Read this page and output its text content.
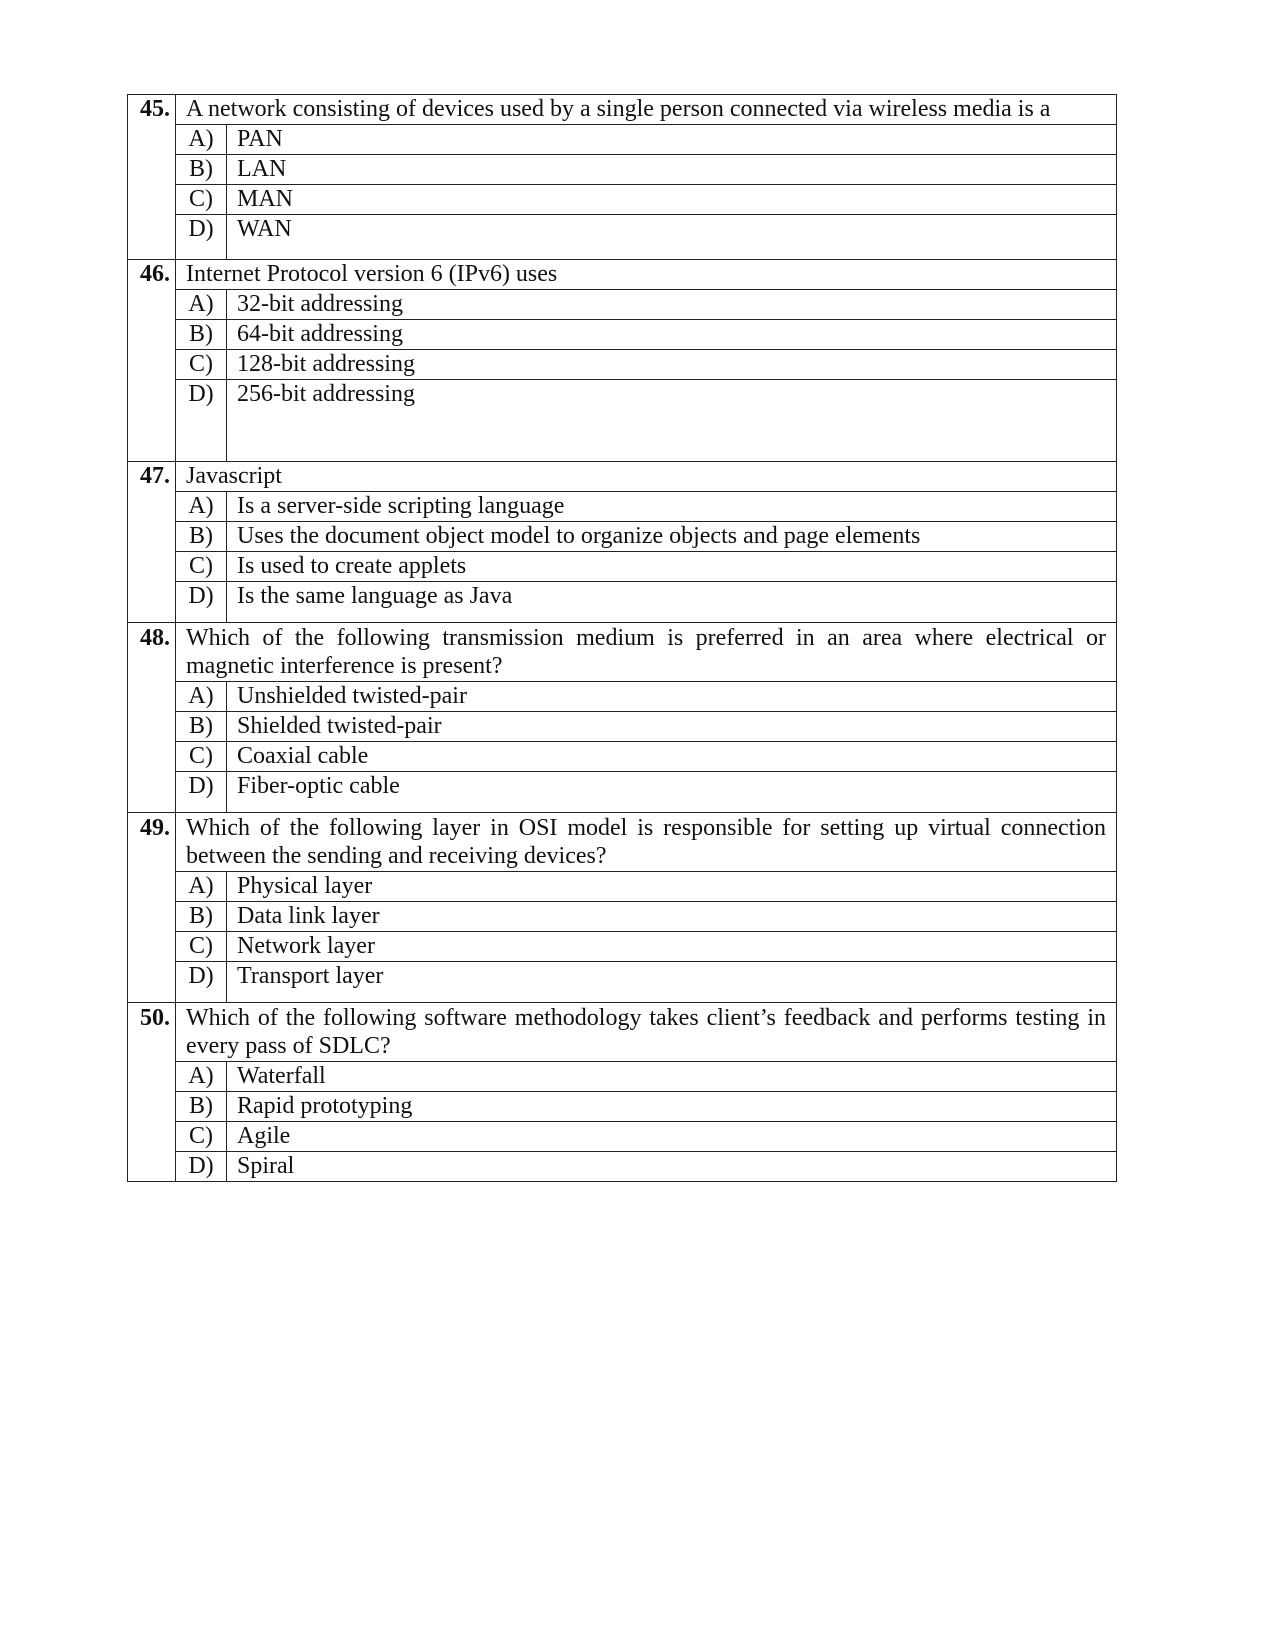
45.	A network consisting of devices used by a single person connected via wireless media is a	
	A)	PAN
	B)	LAN
	C)	MAN
	D)	WAN
46.	Internet Protocol version 6 (IPv6) uses	
	A)	32-bit addressing
	B)	64-bit addressing
	C)	128-bit addressing
	D)	256-bit addressing
47.	Javascript	
	A)	Is a server-side scripting language
	B)	Uses the document object model to organize objects and page elements
	C)	Is used to create applets
	D)	Is the same language as Java
48.	Which of the following transmission medium is preferred in an area where electrical or magnetic interference is present?	
	A)	Unshielded twisted-pair
	B)	Shielded twisted-pair
	C)	Coaxial cable
	D)	Fiber-optic cable
49.	Which of the following layer in OSI model is responsible for setting up virtual connection between the sending and receiving devices?	
	A)	Physical layer
	B)	Data link layer
	C)	Network layer
	D)	Transport layer
50.	Which of the following software methodology takes client’s feedback and performs testing in every pass of SDLC?	
	A)	Waterfall
	B)	Rapid prototyping
	C)	Agile
	D)	Spiral
